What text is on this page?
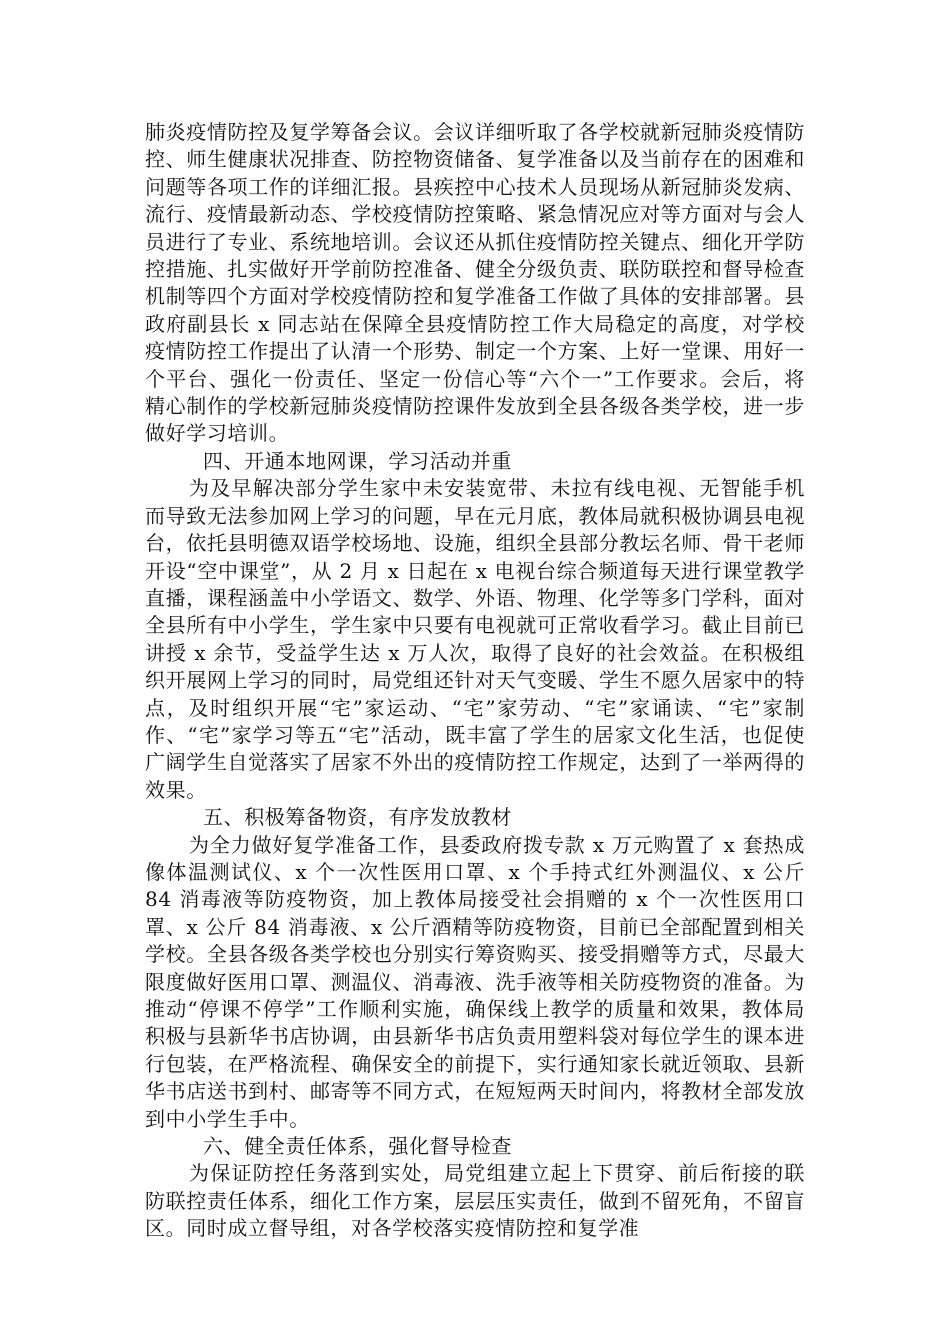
肺炎疫情防控及复学筹备会议。会议详细听取了各学校就新冠肺炎疫情防控、师生健康状况排查、防控物资储备、复学准备以及当前存在的困难和问题等各项工作的详细汇报。县疾控中心技术人员现场从新冠肺炎发病、流行、疫情最新动态、学校疫情防控策略、紧急情况应对等方面对与会人员进行了专业、系统地培训。会议还从抓住疫情防控关键点、细化开学防控措施、扎实做好开学前防控准备、健全分级负责、联防联控和督导检查机制等四个方面对学校疫情防控和复学准备工作做了具体的安排部署。县政府副县长 x 同志站在保障全县疫情防控工作大局稳定的高度，对学校疫情防控工作提出了认清一个形势、制定一个方案、上好一堂课、用好一个平台、强化一份责任、坚定一份信心等“六个一”工作要求。会后，将精心制作的学校新冠肺炎疫情防控课件发放到全县各级各类学校，进一步做好学习培训。

四、开通本地网课，学习活动并重

为及早解决部分学生家中未安装宽带、未拉有线电视、无智能手机而导致无法参加网上学习的问题，早在元月底，教体局就积极协调县电视台，依托县明德双语学校场地、设施，组织全县部分教坛名师、骨干老师开设“空中课堂”，从 2 月 x 日起在 x 电视台综合频道每天进行课堂教学直播，课程涵盖中小学语文、数学、外语、物理、化学等多门学科，面对全县所有中小学生，学生家中只要有电视就可正常收看学习。截止目前已讲授 x 余节，受益学生达 x 万人次，取得了良好的社会效益。在积极组织开展网上学习的同时，局党组还针对天气变暖、学生不愿久居家中的特点，及时组织开展“宅”家运动、“宅”家劳动、“宅”家诵读、“宅”家制作、“宅”家学习等五“宅”活动，既丰富了学生的居家文化生活，也促使广阔学生自觉落实了居家不外出的疫情防控工作规定，达到了一举两得的效果。

五、积极筹备物资，有序发放教材

为全力做好复学准备工作，县委政府拨专款 x 万元购置了 x 套热成像体温测试仪、x 个一次性医用口罩、x 个手持式红外测温仪、x 公斤 84 消毒液等防疫物资，加上教体局接受社会捐赠的 x 个一次性医用口罩、x 公斤 84 消毒液、x 公斤酒精等防疫物资，目前已全部配置到相关学校。全县各级各类学校也分别实行筹资购买、接受捐赠等方式，尽最大限度做好医用口罩、测温仪、消毒液、洗手液等相关防疫物资的准备。为推动“停课不停学”工作顺利实施，确保线上教学的质量和效果，教体局积极与县新华书店协调，由县新华书店负责用塑料袋对每位学生的课本进行包装，在严格流程、确保安全的前提下，实行通知家长就近领取、县新华书店送书到村、邮寄等不同方式，在短短两天时间内，将教材全部发放到中小学生手中。

六、健全责任体系，强化督导检查

为保证防控任务落到实处，局党组建立起上下贯穿、前后衔接的联防联控责任体系，细化工作方案，层层压实责任，做到不留死角，不留盲区。同时成立督导组，对各学校落实疫情防控和复学准
